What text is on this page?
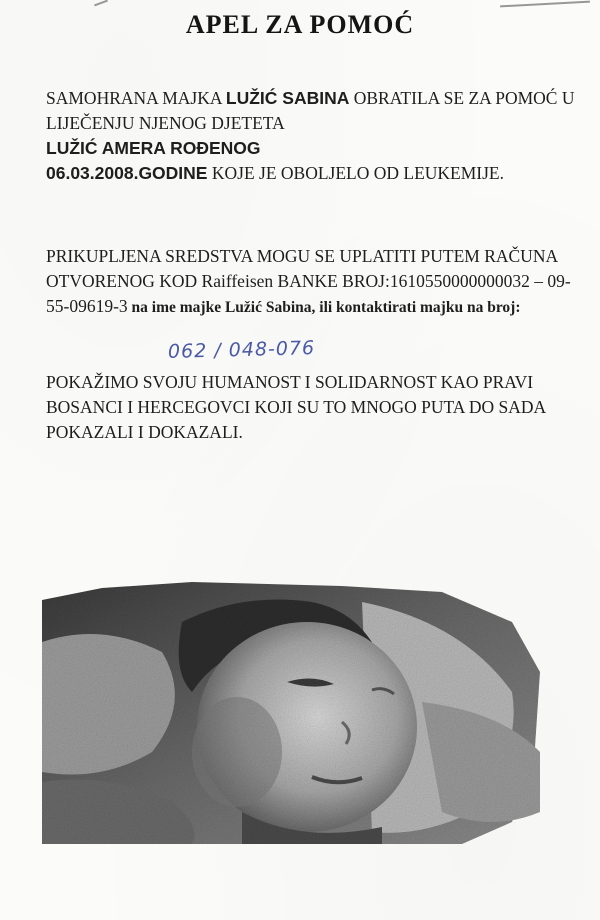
APEL ZA POMOĆ

SAMOHRANA MAJKA LUŽIĆ SABINA OBRATILA SE ZA POMOĆ U LIJEČENJU NJENOG DJETETA
LUŽIĆ AMERA ROĐENOG
06.03.2008.GODINE KOJE JE OBOLJELO OD LEUKEMIJE.

PRIKUPLJENA SREDSTVA MOGU SE UPLATITI PUTEM RAČUNA OTVORENOG KOD Raiffeisen BANKE BROJ:1610550000000032 – 09-55-09619-3 na ime majke Lužić Sabina, ili kontaktirati majku na broj:

062 / 048-076

POKAŽIMO SVOJU HUMANOST I SOLIDARNOST KAO PRAVI BOSANCI I HERCEGOVCI KOJI SU TO MNOGO PUTA DO SADA POKAZALI I DOKAZALI.
